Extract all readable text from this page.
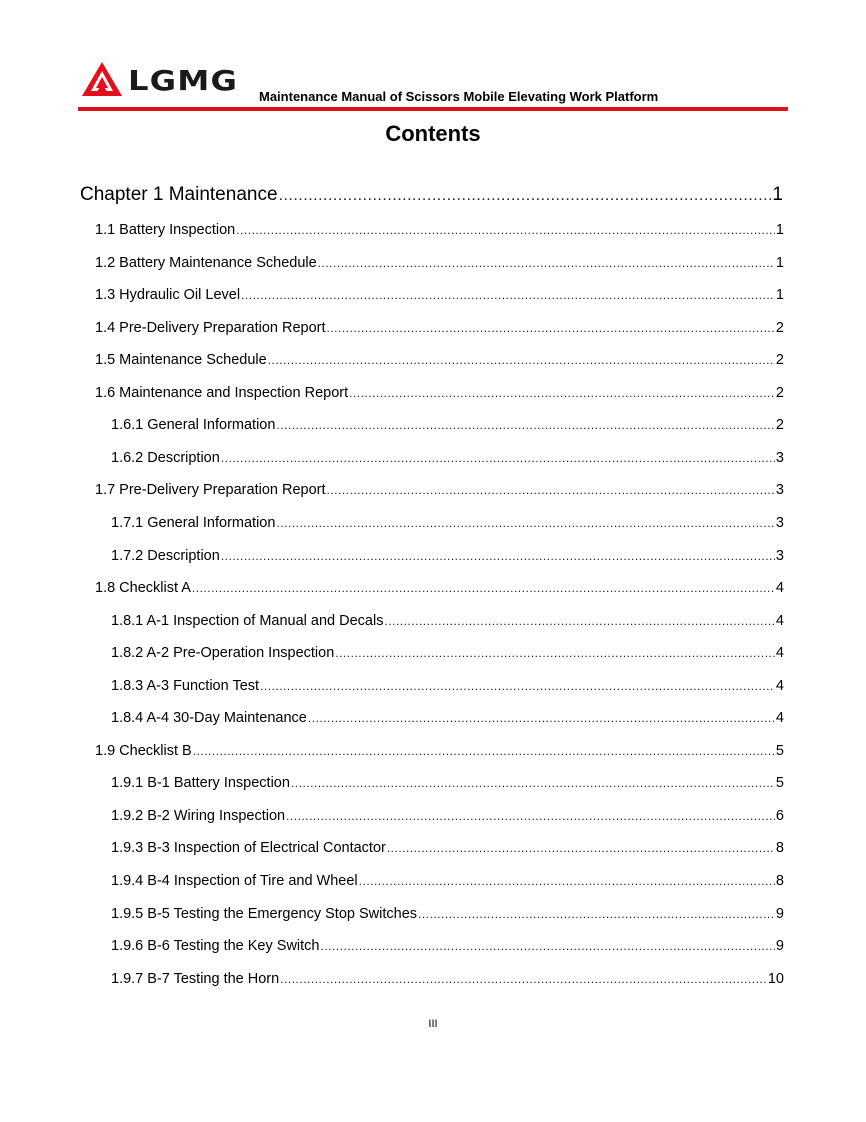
LGMG Maintenance Manual of Scissors Mobile Elevating Work Platform
Contents
Chapter 1 Maintenance .....	1
1.1 Battery Inspection .....	1
1.2 Battery Maintenance Schedule .....	1
1.3 Hydraulic Oil Level .....	1
1.4 Pre-Delivery Preparation Report .....	2
1.5 Maintenance Schedule .....	2
1.6 Maintenance and Inspection Report .....	2
1.6.1 General Information .....	2
1.6.2 Description .....	3
1.7 Pre-Delivery Preparation Report .....	3
1.7.1 General Information .....	3
1.7.2 Description .....	3
1.8 Checklist A .....	4
1.8.1 A-1 Inspection of Manual and Decals .....	4
1.8.2 A-2 Pre-Operation Inspection .....	4
1.8.3 A-3 Function Test .....	4
1.8.4 A-4 30-Day Maintenance .....	4
1.9 Checklist B .....	5
1.9.1 B-1 Battery Inspection .....	5
1.9.2 B-2 Wiring Inspection .....	6
1.9.3 B-3 Inspection of Electrical Contactor .....	8
1.9.4 B-4 Inspection of Tire and Wheel .....	8
1.9.5 B-5 Testing the Emergency Stop Switches .....	9
1.9.6 B-6 Testing the Key Switch .....	9
1.9.7 B-7 Testing the Horn .....	10
III
